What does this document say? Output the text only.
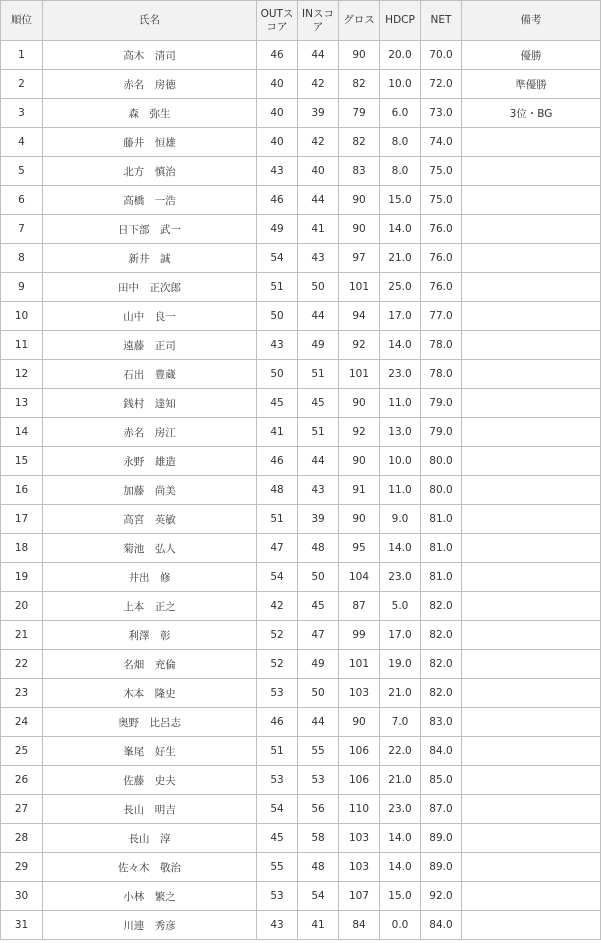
順位	氏名	OUTスコア	INスコア	グロス	HDCP	NET	備考
1	高木　清司	46	44	90	20.0	70.0	優勝
2	赤名　房徳	40	42	82	10.0	72.0	準優勝
3	森　弥生	40	39	79	6.0	73.0	3位・BG
4	藤井　恒雄	40	42	82	8.0	74.0	
5	北方　慎治	43	40	83	8.0	75.0	
6	高橋　一浩	46	44	90	15.0	75.0	
7	日下部　武一	49	41	90	14.0	76.0	
8	新井　誠	54	43	97	21.0	76.0	
9	田中　正次郎	51	50	101	25.0	76.0	
10	山中　良一	50	44	94	17.0	77.0	
11	遠藤　正司	43	49	92	14.0	78.0	
12	石出　豊蔵	50	51	101	23.0	78.0	
13	銭村　達知	45	45	90	11.0	79.0	
14	赤名　房江	41	51	92	13.0	79.0	
15	永野　雄造	46	44	90	10.0	80.0	
16	加藤　尚美	48	43	91	11.0	80.0	
17	高宮　英敏	51	39	90	9.0	81.0	
18	菊池　弘人	47	48	95	14.0	81.0	
19	井出　修	54	50	104	23.0	81.0	
20	上本　正之	42	45	87	5.0	82.0	
21	利澤　彰	52	47	99	17.0	82.0	
22	名畑　充倫	52	49	101	19.0	82.0	
23	木本　隆史	53	50	103	21.0	82.0	
24	奥野　比呂志	46	44	90	7.0	83.0	
25	峯尾　好生	51	55	106	22.0	84.0	
26	佐藤　史夫	53	53	106	21.0	85.0	
27	長山　明吉	54	56	110	23.0	87.0	
28	長山　淳	45	58	103	14.0	89.0	
29	佐々木　敬治	55	48	103	14.0	89.0	
30	小林　繁之	53	54	107	15.0	92.0	
31	川連　秀彦	43	41	84	0.0	84.0	
